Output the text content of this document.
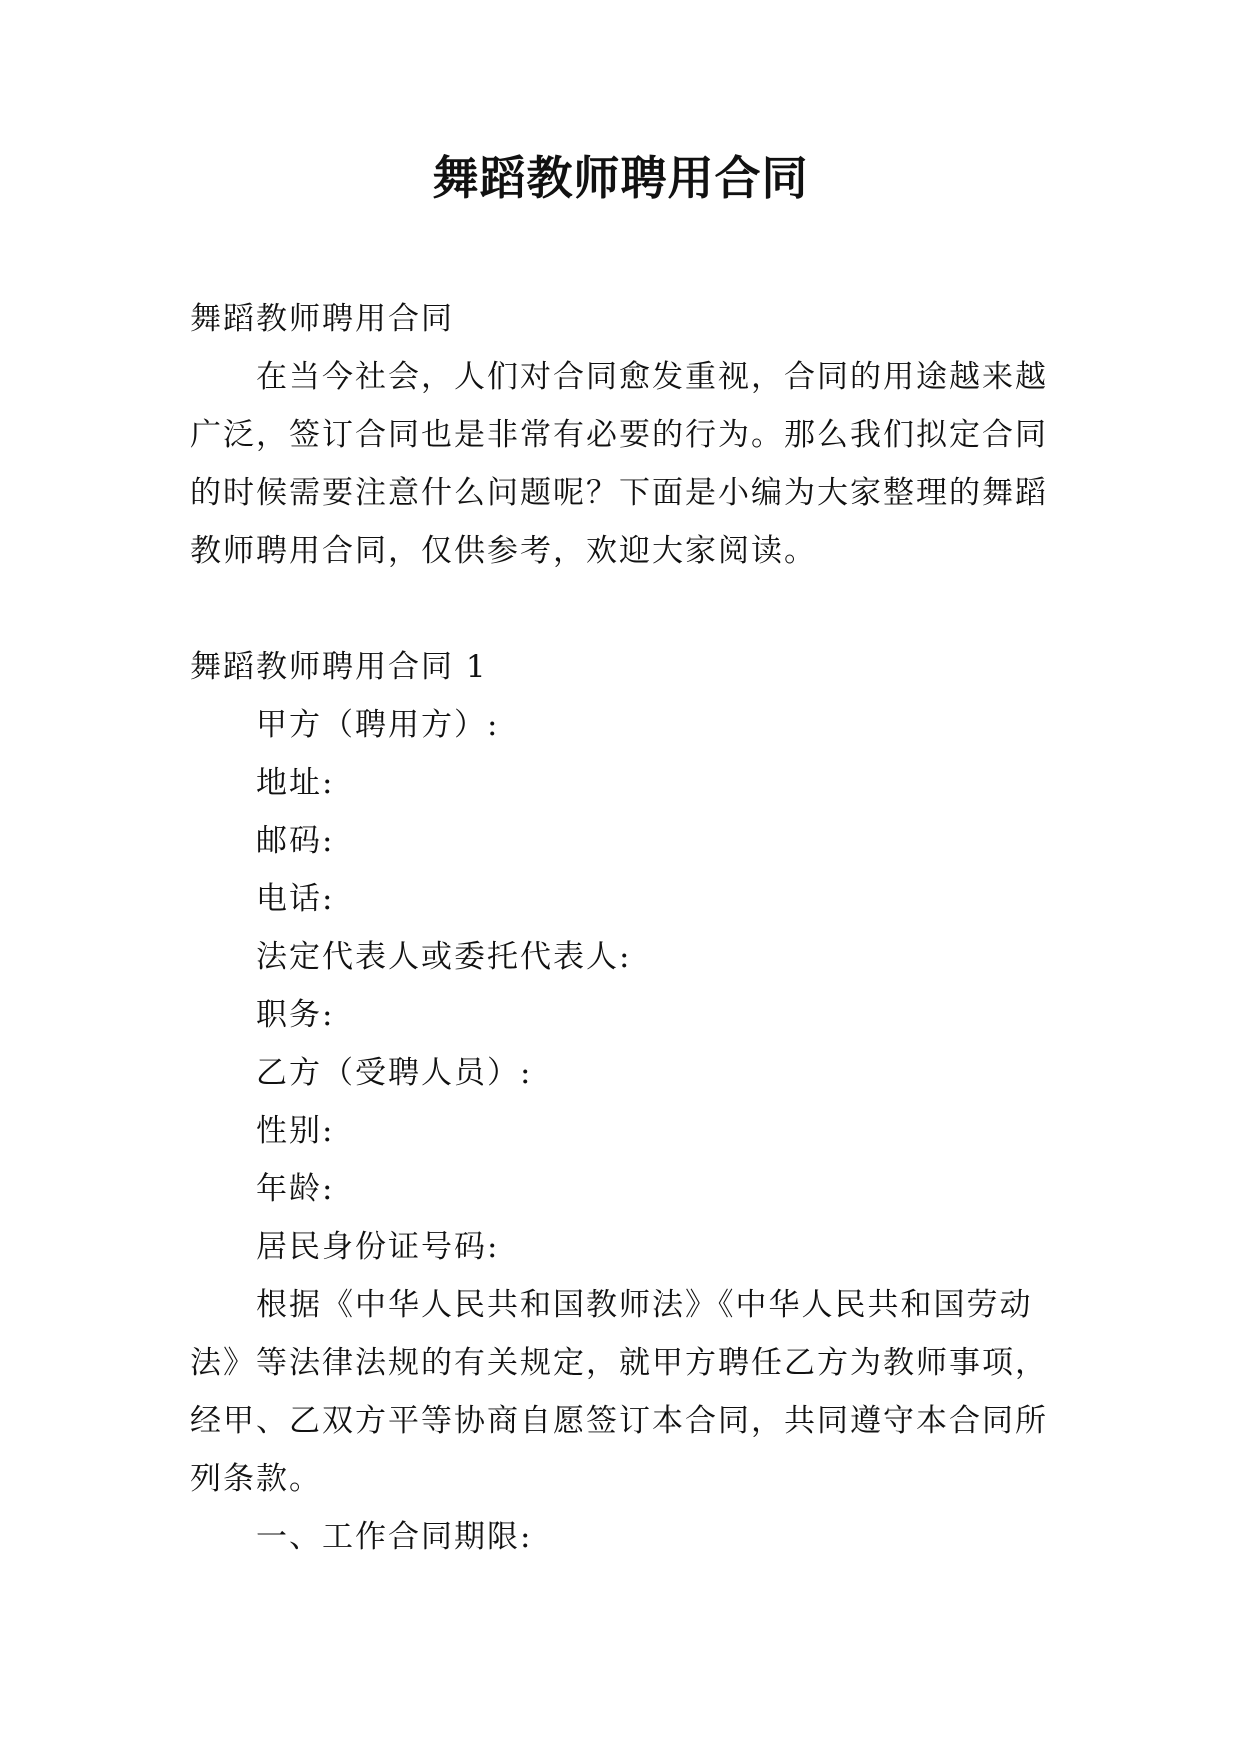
舞蹈教师聘用合同

舞蹈教师聘用合同

在当今社会，人们对合同愈发重视，合同的用途越来越广泛，签订合同也是非常有必要的行为。那么我们拟定合同的时候需要注意什么问题呢？下面是小编为大家整理的舞蹈教师聘用合同，仅供参考，欢迎大家阅读。

舞蹈教师聘用合同 1

甲方（聘用方）:

地址:

邮码:

电话:

法定代表人或委托代表人:

职务:

乙方（受聘人员）:

性别:

年龄:

居民身份证号码:

根据《中华人民共和国教师法》《中华人民共和国劳动法》等法律法规的有关规定，就甲方聘任乙方为教师事项，经甲、乙双方平等协商自愿签订本合同，共同遵守本合同所列条款。

一、工作合同期限:
